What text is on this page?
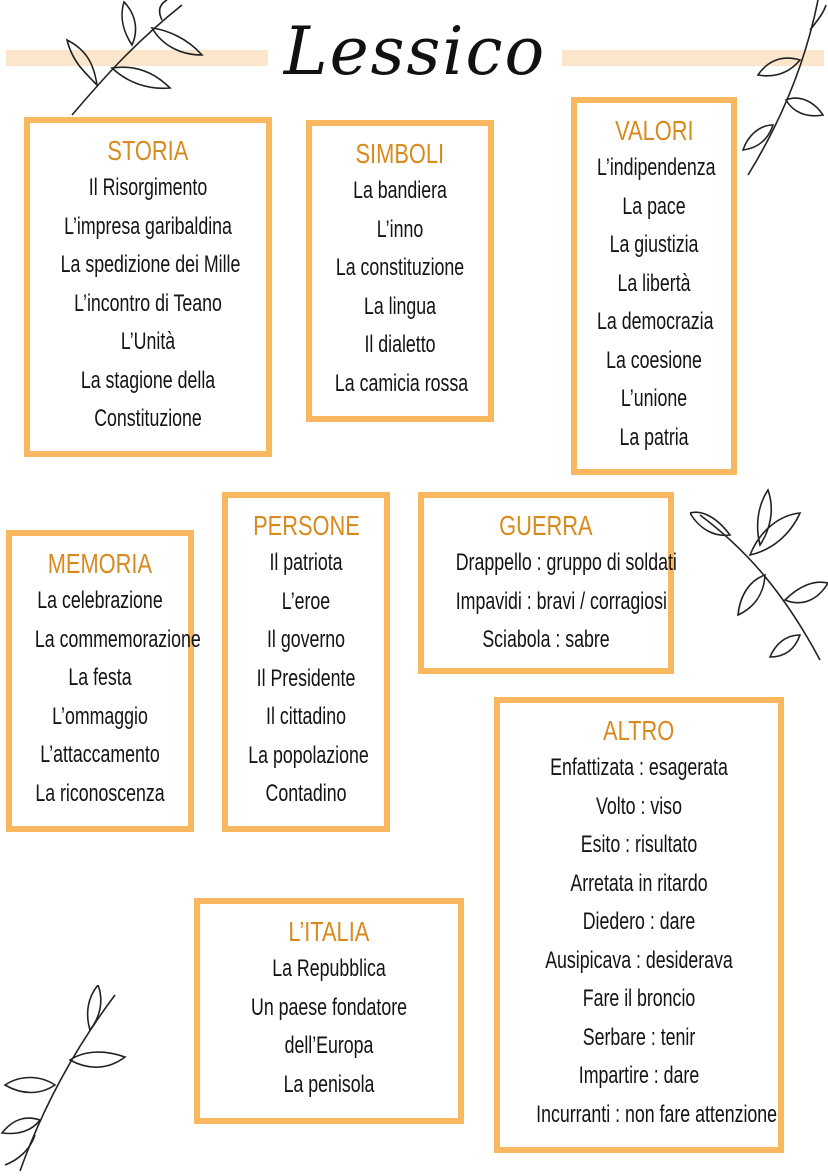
Lessico
STORIA
Il Risorgimento
L’impresa garibaldina
La spedizione dei Mille
L’incontro di Teano
L’Unità
La stagione della
Constituzione
SIMBOLI
La bandiera
L’inno
La constituzione
La lingua
Il dialetto
La camicia rossa
VALORI
L’indipendenza
La pace
La giustizia
La libertà
La democrazia
La coesione
L’unione
La patria
MEMORIA
La celebrazione
La commemorazione
La festa
L’ommaggio
L’attaccamento
La riconoscenza
PERSONE
Il patriota
L’eroe
Il governo
Il Presidente
Il cittadino
La popolazione
Contadino
GUERRA
Drappello : gruppo di soldati
Impavidi : bravi / corragiosi
Sciabola : sabre
ALTRO
Enfattizata : esagerata
Volto : viso
Esito : risultato
Arretata in ritardo
Diedero : dare
Ausipicava : desiderava
Fare il broncio
Serbare : tenir
Impartire : dare
Incurranti : non fare attenzione
L’ITALIA
La Repubblica
Un paese fondatore
dell’Europa
La penisola
